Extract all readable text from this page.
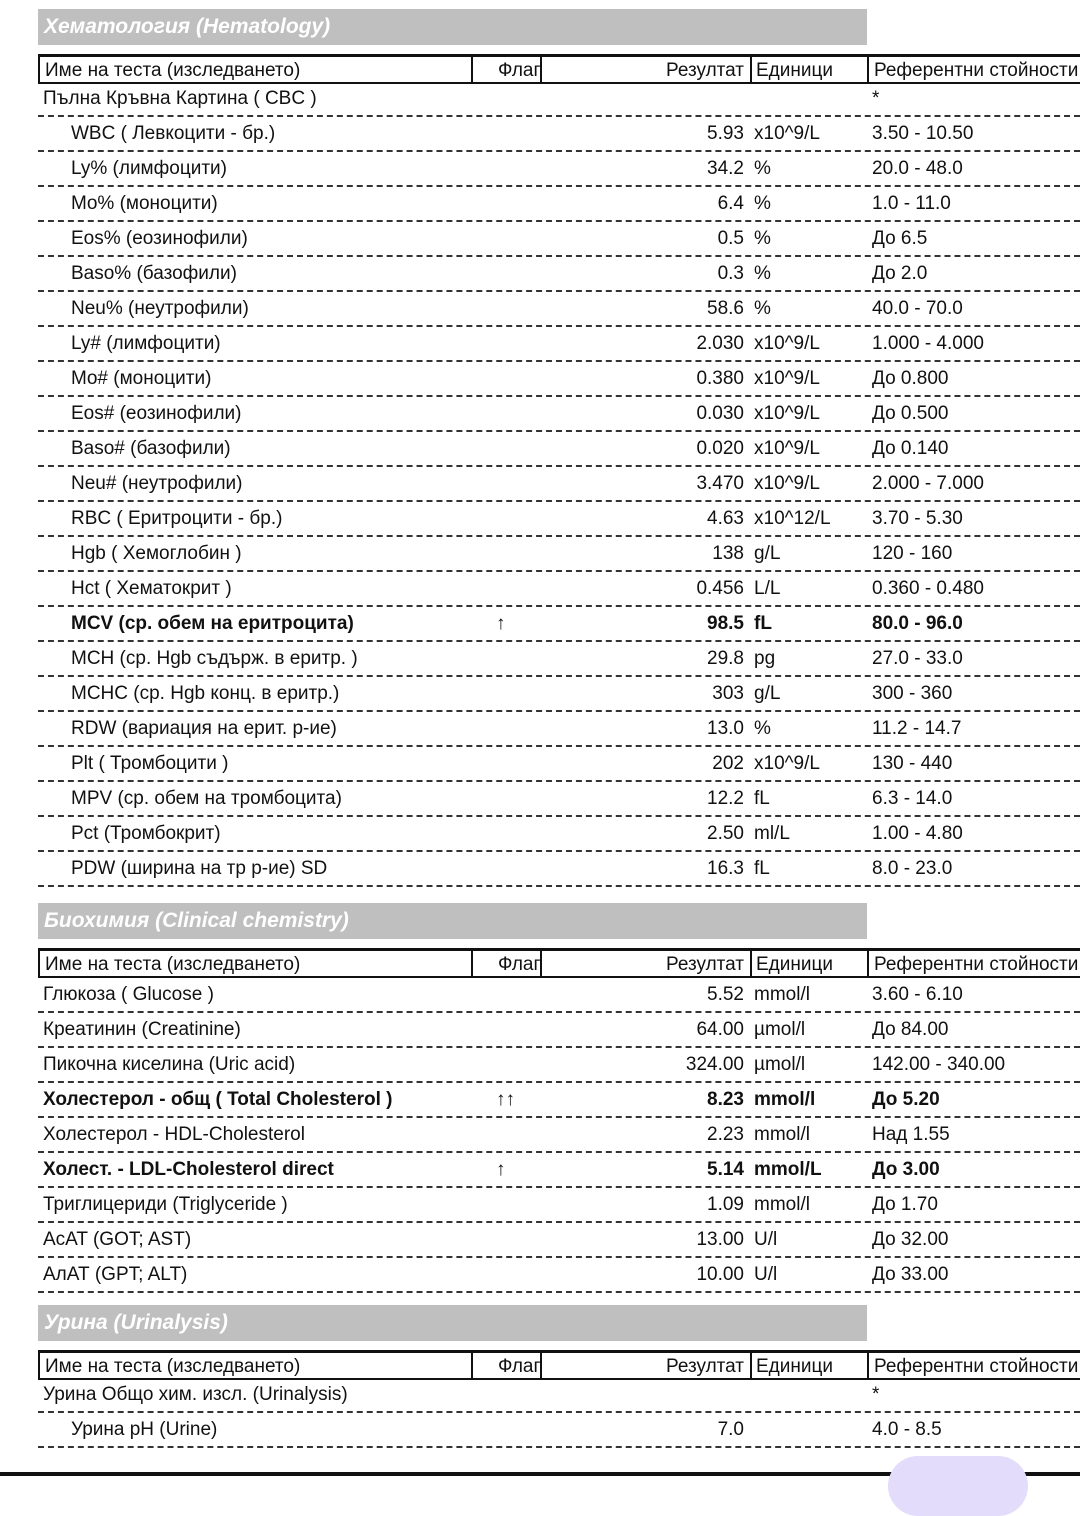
Хематология (Hematology)
Име на теста (изследването)	Флаг	Резултат Единици Референтни стойности
Пълна Кръвна Картина ( CBC )	*
WBC ( Левкоцити - бр.)	5.93 x10^9/L	3.50 - 10.50
Ly% (лимфоцити)	34.2 %	20.0 - 48.0
Mo% (моноцити)	6.4 %	1.0 - 11.0
Eos% (еозинофили)	0.5 %	До 6.5
Baso% (базофили)	0.3 %	До 2.0
Neu% (неутрофили)	58.6 %	40.0 - 70.0
Ly# (лимфоцити)	2.030 x10^9/L	1.000 - 4.000
Mo# (моноцити)	0.380 x10^9/L	До 0.800
Eos# (еозинофили)	0.030 x10^9/L	До 0.500
Baso# (базофили)	0.020 x10^9/L	До 0.140
Neu# (неутрофили)	3.470 x10^9/L	2.000 - 7.000
RBC ( Еритроцити - бр.)	4.63 x10^12/L 3.70 - 5.30
Hgb ( Хемоглобин )	138 g/L	120 - 160
Hct ( Хематокрит )	0.456 L/L	0.360 - 0.480
MCV (ср. обем на еритроцита)	↑	98.5 fL	80.0 - 96.0
MCH (ср. Hgb съдърж. в еритр. )	29.8 pg	27.0 - 33.0
MCHC (ср. Hgb конц. в еритр.)	303 g/L	300 - 360
RDW (вариация на ерит. р-ие)	13.0 %	11.2 - 14.7
Plt ( Тромбоцити )	202 x10^9/L	130 - 440
MPV (ср. обем на тромбоцита)	12.2 fL	6.3 - 14.0
Pct (Тромбокрит)	2.50 ml/L	1.00 - 4.80
PDW (ширина на тр р-ие) SD	16.3 fL	8.0 - 23.0
Биохимия (Clinical chemistry)
Име на теста (изследването)	Флаг	Резултат Единици Референтни стойности
Глюкоза ( Glucose )	5.52 mmol/l	3.60 - 6.10
Креатинин (Creatinine)	64.00 µmol/l	До 84.00
Пикочна киселина (Uric acid)	324.00 µmol/l	142.00 - 340.00
Холестерол - общ ( Total Cholesterol )	↑↑	8.23 mmol/l	До 5.20
Холестерол - HDL-Cholesterol	2.23 mmol/l	Над 1.55
Холест. - LDL-Cholesterol direct	↑	5.14 mmol/L	До 3.00
Триглицериди (Triglyceride )	1.09 mmol/l	До 1.70
AcAT (GOT; AST)	13.00 U/l	До 32.00
АлАТ (GPT; ALT)	10.00 U/l	До 33.00
Урина (Urinalysis)
Име на теста (изследването)	Флаг	Резултат Единици Референтни стойности
Урина Общо хим. изсл. (Urinalysis)	*
Урина pH (Urine)	7.0	4.0 - 8.5
